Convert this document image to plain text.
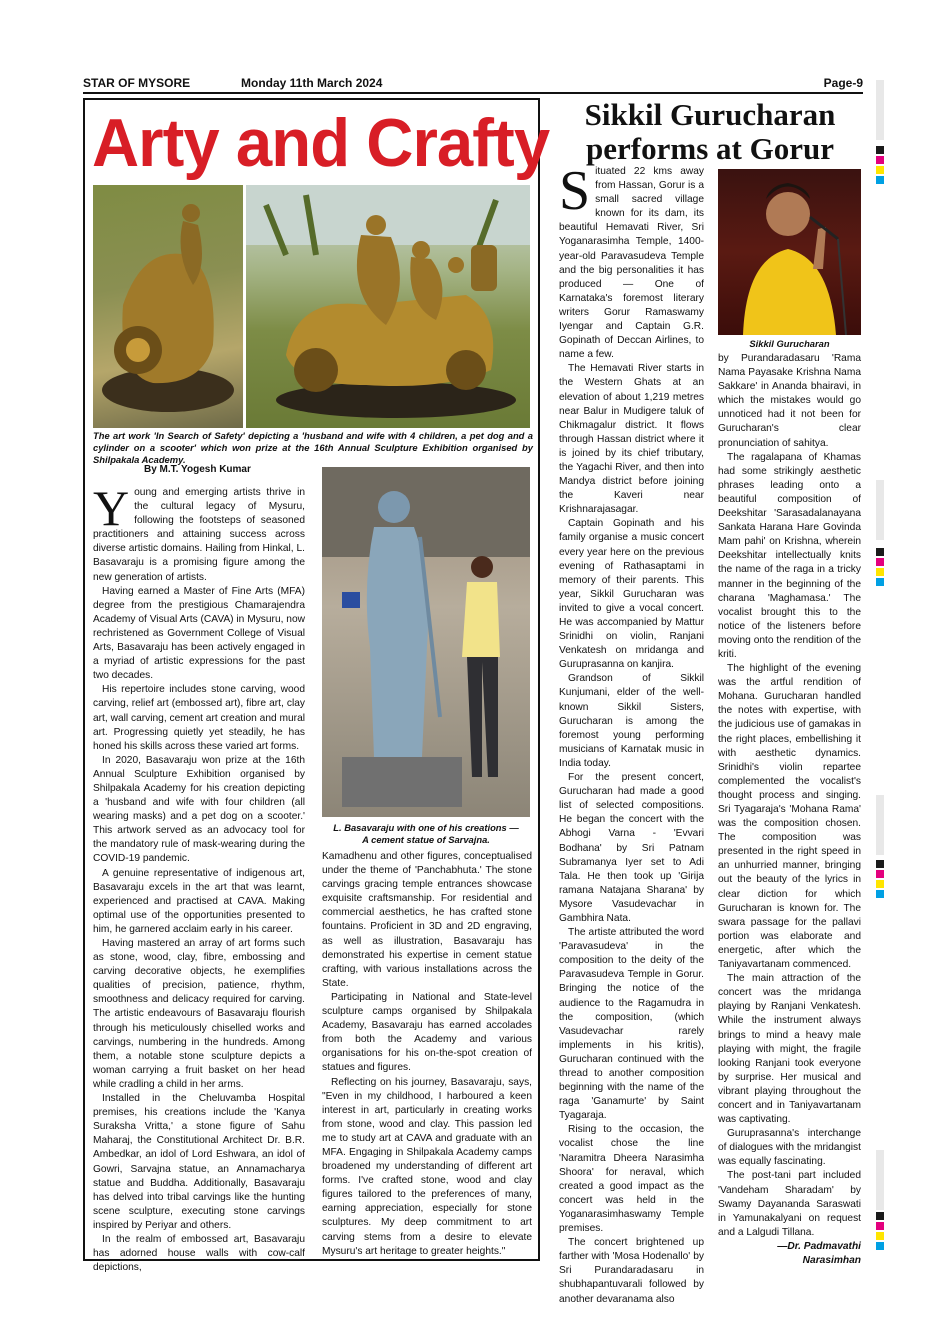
STAR OF MYSORE	Monday 11th March 2024	Page-9
Arty and Crafty
The art work 'In Search of Safety' depicting a 'husband and wife with 4 children, a pet dog and a cylinder on a scooter' which won prize at the 16th Annual Sculpture Exhibition organised by Shilpakala Academy.
By M.T. Yogesh Kumar
L. Basavaraju with one of his creations —
A cement statue of Sarvajna.
Y oung and emerging artists thrive in the cultural legacy of Mysuru, following the footsteps of seasoned practitioners and attaining success across diverse artistic domains. Hailing from Hinkal, L. Basavaraju is a promising figure among the new generation of artists.

Having earned a Master of Fine Arts (MFA) degree from the prestigious Chamarajendra Academy of Visual Arts (CAVA) in Mysuru, now rechristened as Government College of Visual Arts, Basavaraju has been actively engaged in a myriad of artistic expressions for the past two decades.

His repertoire includes stone carving, wood carving, relief art (embossed art), fibre art, clay art, wall carving, cement art creation and mural art. Progressing quietly yet steadily, he has honed his skills across these varied art forms.

In 2020, Basavaraju won prize at the 16th Annual Sculpture Exhibition organised by Shilpakala Academy for his creation depicting a 'husband and wife with four children (all wearing masks) and a pet dog on a scooter.' This artwork served as an advocacy tool for the mandatory rule of mask-wearing during the COVID-19 pandemic.

A genuine representative of indigenous art, Basavaraju excels in the art that was learnt, experienced and practised at CAVA. Making optimal use of the opportunities presented to him, he garnered acclaim early in his career.

Having mastered an array of art forms such as stone, wood, clay, fibre, embossing and carving decorative objects, he exemplifies qualities of precision, patience, rhythm, smoothness and delicacy required for carving. The artistic endeavours of Basavaraju flourish through his meticulously chiselled works and carvings, numbering in the hundreds. Among them, a notable stone sculpture depicts a woman carrying a fruit basket on her head while cradling a child in her arms.

Installed in the Cheluvamba Hospital premises, his creations include the 'Kanya Suraksha Vritta,' a stone figure of Sahu Maharaj, the Constitutional Architect Dr. B.R. Ambedkar, an idol of Lord Eshwara, an idol of Gowri, Sarvajna statue, an Annamacharya statue and Buddha. Additionally, Basavaraju has delved into tribal carvings like the hunting scene sculpture, executing stone carvings inspired by Periyar and others.

In the realm of embossed art, Basavaraju has adorned house walls with cow-calf depictions,

Kamadhenu and other figures, conceptualised under the theme of 'Panchabhuta.' The stone carvings gracing temple entrances showcase exquisite craftsmanship. For residential and commercial aesthetics, he has crafted stone fountains. Proficient in 3D and 2D engraving, as well as illustration, Basavaraju has demonstrated his expertise in cement statue crafting, with various installations across the State.

Participating in National and State-level sculpture camps organised by Shilpakala Academy, Basavaraju has earned accolades from both the Academy and various organisations for his on-the-spot creation of statues and figures.

Reflecting on his journey, Basavaraju, says, "Even in my childhood, I harboured a keen interest in art, particularly in creating works from stone, wood and clay. This passion led me to study art at CAVA and graduate with an MFA. Engaging in Shilpakala Academy camps broadened my understanding of different art forms. I've crafted stone, wood and clay figures tailored to the preferences of many, earning appreciation, especially for stone sculptures. My deep commitment to art carving stems from a desire to elevate Mysuru's art heritage to greater heights."

Sikkil Gurucharan
performs at Gorur
Sikkil Gurucharan
S ituated 22 kms away from Hassan, Gorur is a small sacred village known for its dam, its beautiful Hemavati River, Sri Yoganarasimha Temple, 1400-year-old Paravasudeva Temple and the big personalities it has produced — One of Karnataka's foremost literary writers Gorur Ramaswamy Iyengar and Captain G.R. Gopinath of Deccan Airlines, to name a few.

The Hemavati River starts in the Western Ghats at an elevation of about 1,219 metres near Balur in Mudigere taluk of Chikmagalur district. It flows through Hassan district where it is joined by its chief tributary, the Yagachi River, and then into Mandya district before joining the Kaveri near Krishnarajasagar.

Captain Gopinath and his family organise a music concert every year here on the previous evening of Rathasaptami in memory of their parents. This year, Sikkil Gurucharan was invited to give a vocal concert. He was accompanied by Mattur Srinidhi on violin, Ranjani Venkatesh on mridanga and Guruprasanna on kanjira.

Grandson of Sikkil Kunjumani, elder of the well-known Sikkil Sisters, Gurucharan is among the foremost young performing musicians of Karnatak music in India today.

For the present concert, Gurucharan had made a good list of selected compositions. He began the concert with the Abhogi Varna - 'Evvari Bodhana' by Sri Patnam Subramanya Iyer set to Adi Tala. He then took up 'Girija ramana Natajana Sharana' by Mysore Vasudevachar in Gambhira Nata.

The artiste attributed the word 'Paravasudeva' in the composition to the deity of the Paravasudeva Temple in Gorur. Bringing the notice of the audience to the Ragamudra in the composition, (which Vasudevachar rarely implements in his kritis), Gurucharan continued with the thread to another composition beginning with the name of the raga 'Ganamurte' by Saint Tyagaraja.

Rising to the occasion, the vocalist chose the line 'Naramitra Dheera Narasimha Shoora' for neraval, which created a good impact as the concert was held in the Yoganarasimhaswamy Temple premises.

The concert brightened up farther with 'Mosa Hodenallo' by Sri Purandaradasaru in shubhapantuvarali followed by another devaranama also

by Purandaradasaru 'Rama Nama Payasake Krishna Nama Sakkare' in Ananda bhairavi, in which the mistakes would go unnoticed had it not been for Gurucharan's clear pronunciation of sahitya.

The ragalapana of Khamas had some strikingly aesthetic phrases leading onto a beautiful composition of Deekshitar 'Sarasadalanayana Sankata Harana Hare Govinda Mam pahi' on Krishna, wherein Deekshitar intellectually knits the name of the raga in a tricky manner in the beginning of the charana 'Maghamasa.' The vocalist brought this to the notice of the listeners before moving onto the rendition of the kriti.

The highlight of the evening was the artful rendition of Mohana. Gurucharan handled the notes with expertise, with the judicious use of gamakas in the right places, embellishing it with aesthetic dynamics. Srinidhi's violin repartee complemented the vocalist's thought process and singing. Sri Tyagaraja's 'Mohana Rama' was the composition chosen. The composition was presented in the right speed in an unhurried manner, bringing out the beauty of the lyrics in clear diction for which Gurucharan is known for. The swara passage for the pallavi portion was elaborate and energetic, after which the Taniyavartanam commenced.

The main attraction of the concert was the mridanga playing by Ranjani Venkatesh. While the instrument always brings to mind a heavy male playing with might, the fragile looking Ranjani took everyone by surprise. Her musical and vibrant playing throughout the concert and in Taniyavartanam was captivating.

Guruprasanna's interchange of dialogues with the mridangist was equally fascinating.

The post-tani part included 'Vandeham Sharadam' by Swamy Dayananda Saraswati in Yamunakalyani on request and a Lalgudi Tillana.

—Dr. Padmavathi Narasimhan
